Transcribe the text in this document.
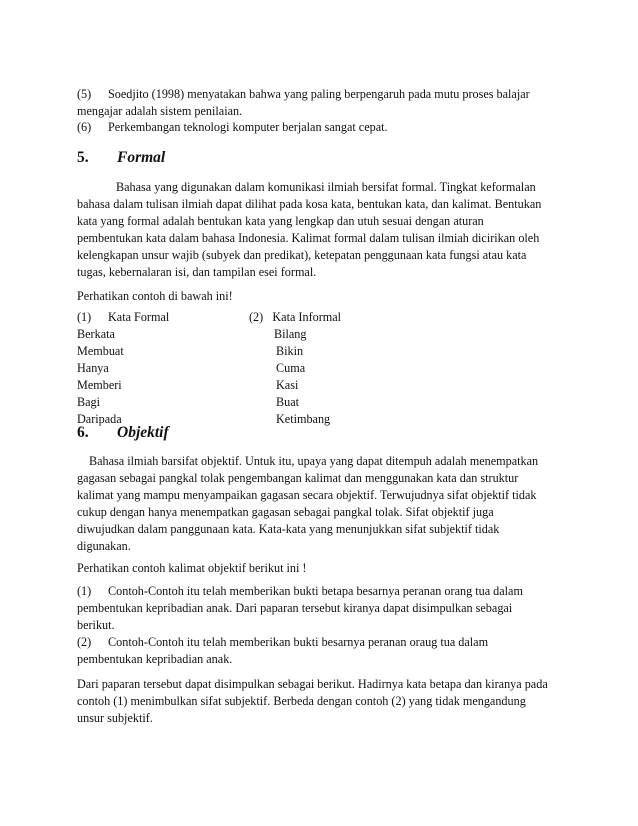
(5) Soedjito (1998) menyatakan bahwa yang paling berpengaruh pada mutu proses balajar
mengajar adalah sistem penilaian.
(6) Perkembangan teknologi komputer berjalan sangat cepat.
5. Formal
Bahasa yang digunakan dalam komunikasi ilmiah bersifat formal. Tingkat keformalan
bahasa dalam tulisan ilmiah dapat dilihat pada kosa kata, bentukan kata, dan kalimat. Bentukan
kata yang formal adalah bentukan kata yang lengkap dan utuh sesuai dengan aturan
pembentukan kata dalam bahasa Indonesia. Kalimat formal dalam tulisan ilmiah dicirikan oleh
kelengkapan unsur wajib (subyek dan predikat), ketepatan penggunaan kata fungsi atau kata
tugas, kebernalaran isi, dan tampilan esei formal.
Perhatikan contoh di bawah ini!
(1) Kata Formal	(2) Kata Informal
Berkata	Bilang
Membuat	Bikin
Hanya	Cuma
Memberi	Kasi
Bagi	Buat
Daripada	Ketimbang
6. Objektif
Bahasa ilmiah barsifat objektif. Untuk itu, upaya yang dapat ditempuh adalah menempatkan
gagasan sebagai pangkal tolak pengembangan kalimat dan menggunakan kata dan struktur
kalimat yang mampu menyampaikan gagasan secara objektif. Terwujudnya sifat objektif tidak
cukup dengan hanya menempatkan gagasan sebagai pangkal tolak. Sifat objektif juga
diwujudkan dalam panggunaan kata. Kata-kata yang menunjukkan sifat subjektif tidak
digunakan.
Perhatikan contoh kalimat objektif berikut ini !
(1) Contoh-Contoh itu telah memberikan bukti betapa besarnya peranan orang tua dalam
pembentukan kepribadian anak. Dari paparan tersebut kiranya dapat disimpulkan sebagai
berikut.
(2) Contoh-Contoh itu telah memberikan bukti besarnya peranan oraug tua dalam
pembentukan kepribadian anak.
Dari paparan tersebut dapat disimpulkan sebagai berikut. Hadirnya kata betapa dan kiranya pada
contoh (1) menimbulkan sifat subjektif. Berbeda dengan contoh (2) yang tidak mengandung
unsur subjektif.
